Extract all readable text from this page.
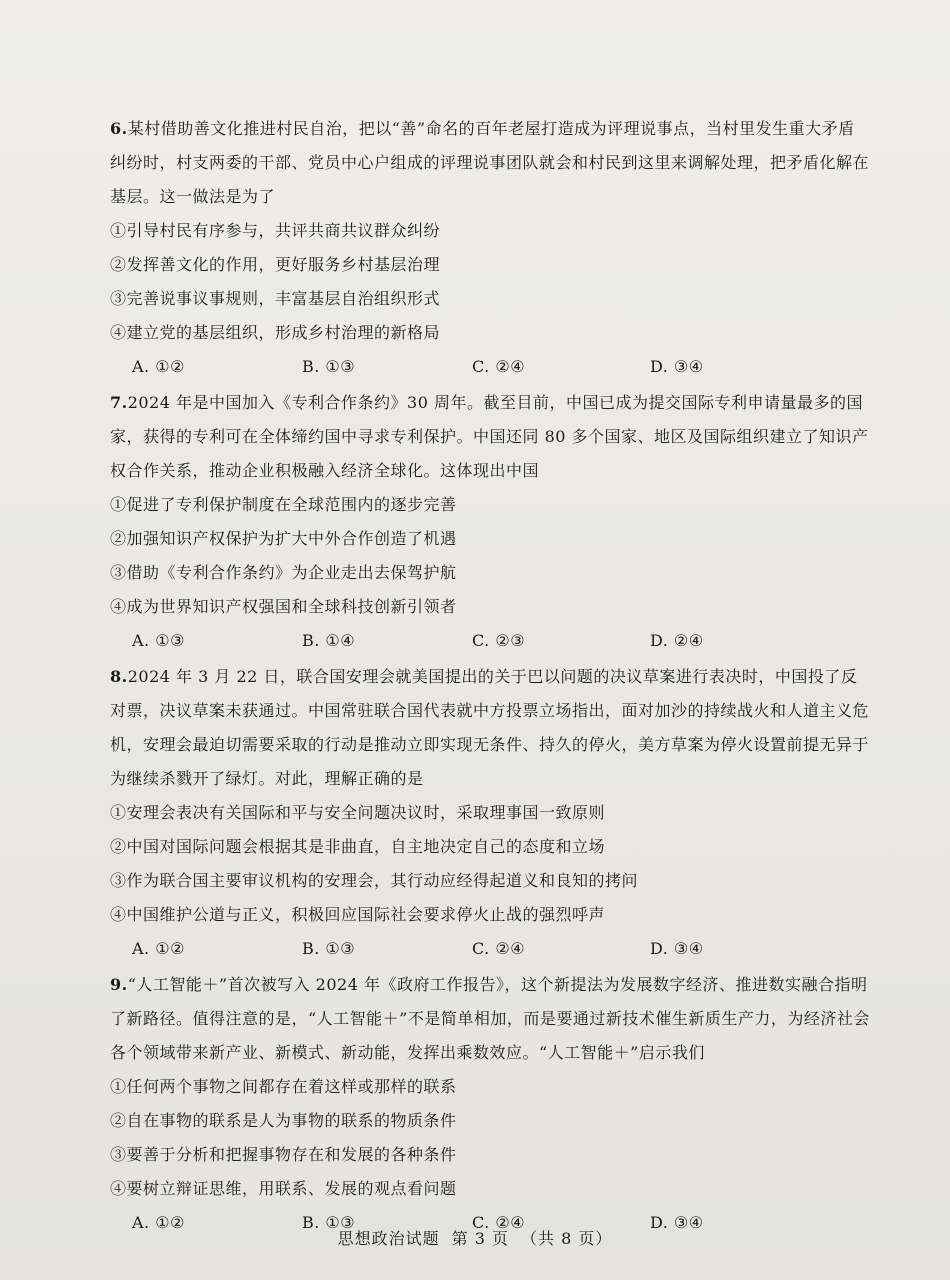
6.某村借助善文化推进村民自治，把以“善”命名的百年老屋打造成为评理说事点，当村里发生重大矛盾纠纷时，村支两委的干部、党员中心户组成的评理说事团队就会和村民到这里来调解处理，把矛盾化解在基层。这一做法是为了

①引导村民有序参与，共评共商共议群众纠纷

②发挥善文化的作用，更好服务乡村基层治理

③完善说事议事规则，丰富基层自治组织形式

④建立党的基层组织，形成乡村治理的新格局

A. ①②	B. ①③	C. ②④	D. ③④

7.2024 年是中国加入《专利合作条约》30 周年。截至目前，中国已成为提交国际专利申请量最多的国家，获得的专利可在全体缔约国中寻求专利保护。中国还同 80 多个国家、地区及国际组织建立了知识产权合作关系，推动企业积极融入经济全球化。这体现出中国

①促进了专利保护制度在全球范围内的逐步完善

②加强知识产权保护为扩大中外合作创造了机遇

③借助《专利合作条约》为企业走出去保驾护航

④成为世界知识产权强国和全球科技创新引领者

A. ①③	B. ①④	C. ②③	D. ②④

8.2024 年 3 月 22 日，联合国安理会就美国提出的关于巴以问题的决议草案进行表决时，中国投了反对票，决议草案未获通过。中国常驻联合国代表就中方投票立场指出，面对加沙的持续战火和人道主义危机，安理会最迫切需要采取的行动是推动立即实现无条件、持久的停火，美方草案为停火设置前提无异于为继续杀戮开了绿灯。对此，理解正确的是

①安理会表决有关国际和平与安全问题决议时，采取理事国一致原则

②中国对国际问题会根据其是非曲直，自主地决定自己的态度和立场

③作为联合国主要审议机构的安理会，其行动应经得起道义和良知的拷问

④中国维护公道与正义，积极回应国际社会要求停火止战的强烈呼声

A. ①②	B. ①③	C. ②④	D. ③④

9.“人工智能＋”首次被写入 2024 年《政府工作报告》，这个新提法为发展数字经济、推进数实融合指明了新路径。值得注意的是，“人工智能＋”不是简单相加，而是要通过新技术催生新质生产力，为经济社会各个领域带来新产业、新模式、新动能，发挥出乘数效应。“人工智能＋”启示我们

①任何两个事物之间都存在着这样或那样的联系

②自在事物的联系是人为事物的联系的物质条件

③要善于分析和把握事物存在和发展的各种条件

④要树立辩证思维，用联系、发展的观点看问题

A. ①②	B. ①③	C. ②④	D. ③④
思想政治试题 第 3 页 （共 8 页）
